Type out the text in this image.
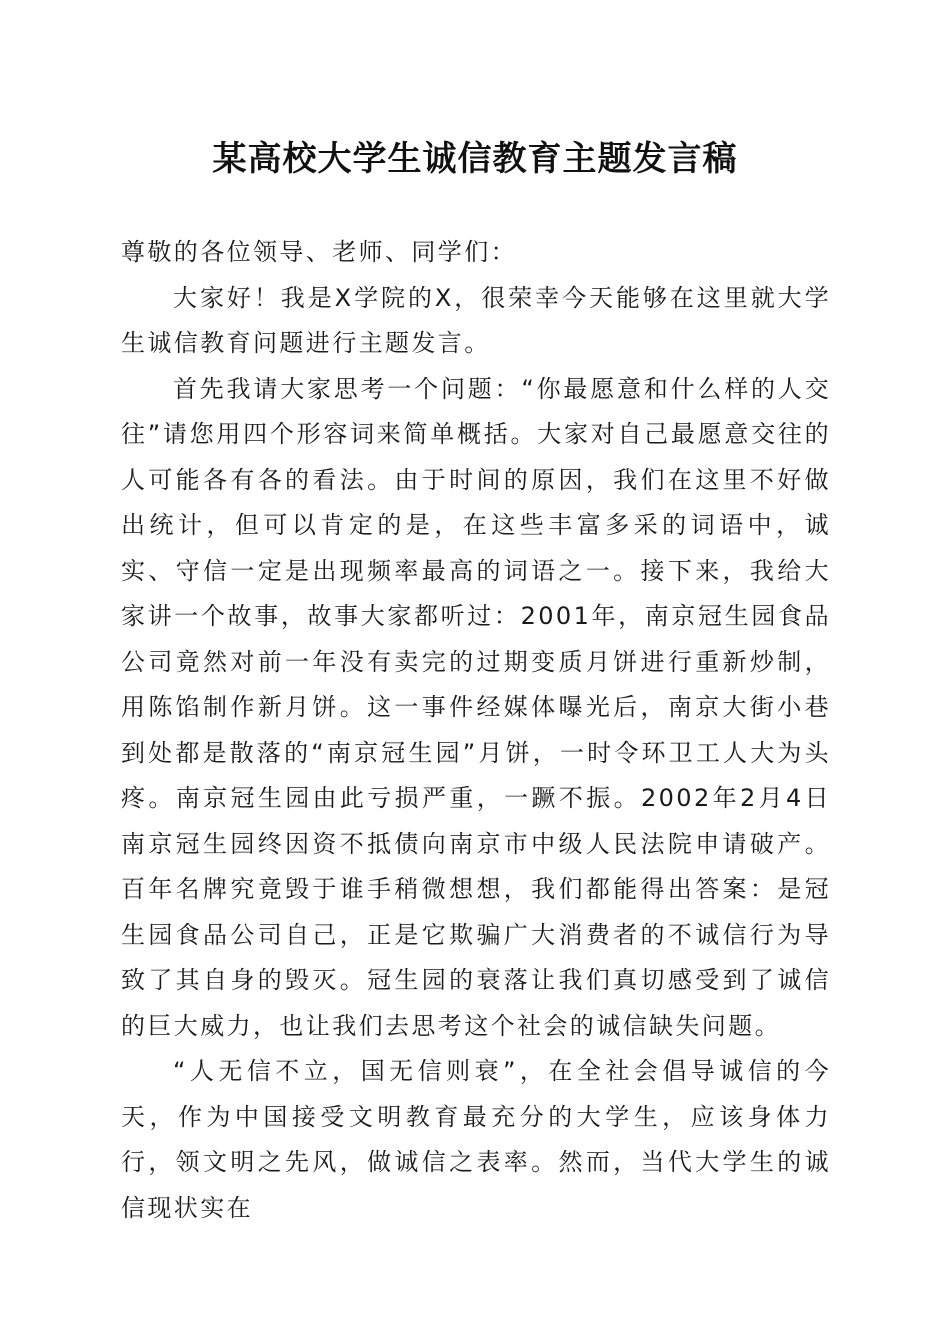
某高校大学生诚信教育主题发言稿

尊敬的各位领导、老师、同学们：

大家好！我是X学院的X，很荣幸今天能够在这里就大学生诚信教育问题进行主题发言。

首先我请大家思考一个问题：“你最愿意和什么样的人交往”请您用四个形容词来简单概括。大家对自己最愿意交往的人可能各有各的看法。由于时间的原因，我们在这里不好做出统计，但可以肯定的是，在这些丰富多采的词语中，诚实、守信一定是出现频率最高的词语之一。接下来，我给大家讲一个故事，故事大家都听过：2001年，南京冠生园食品公司竟然对前一年没有卖完的过期变质月饼进行重新炒制，用陈馅制作新月饼。这一事件经媒体曝光后，南京大街小巷到处都是散落的“南京冠生园”月饼，一时令环卫工人大为头疼。南京冠生园由此亏损严重，一蹶不振。2002年2月4日南京冠生园终因资不抵债向南京市中级人民法院申请破产。百年名牌究竟毁于谁手稍微想想，我们都能得出答案：是冠生园食品公司自己，正是它欺骗广大消费者的不诚信行为导致了其自身的毁灭。冠生园的衰落让我们真切感受到了诚信的巨大威力，也让我们去思考这个社会的诚信缺失问题。

“人无信不立，国无信则衰”，在全社会倡导诚信的今天，作为中国接受文明教育最充分的大学生，应该身体力行，领文明之先风，做诚信之表率。然而，当代大学生的诚信现状实在
